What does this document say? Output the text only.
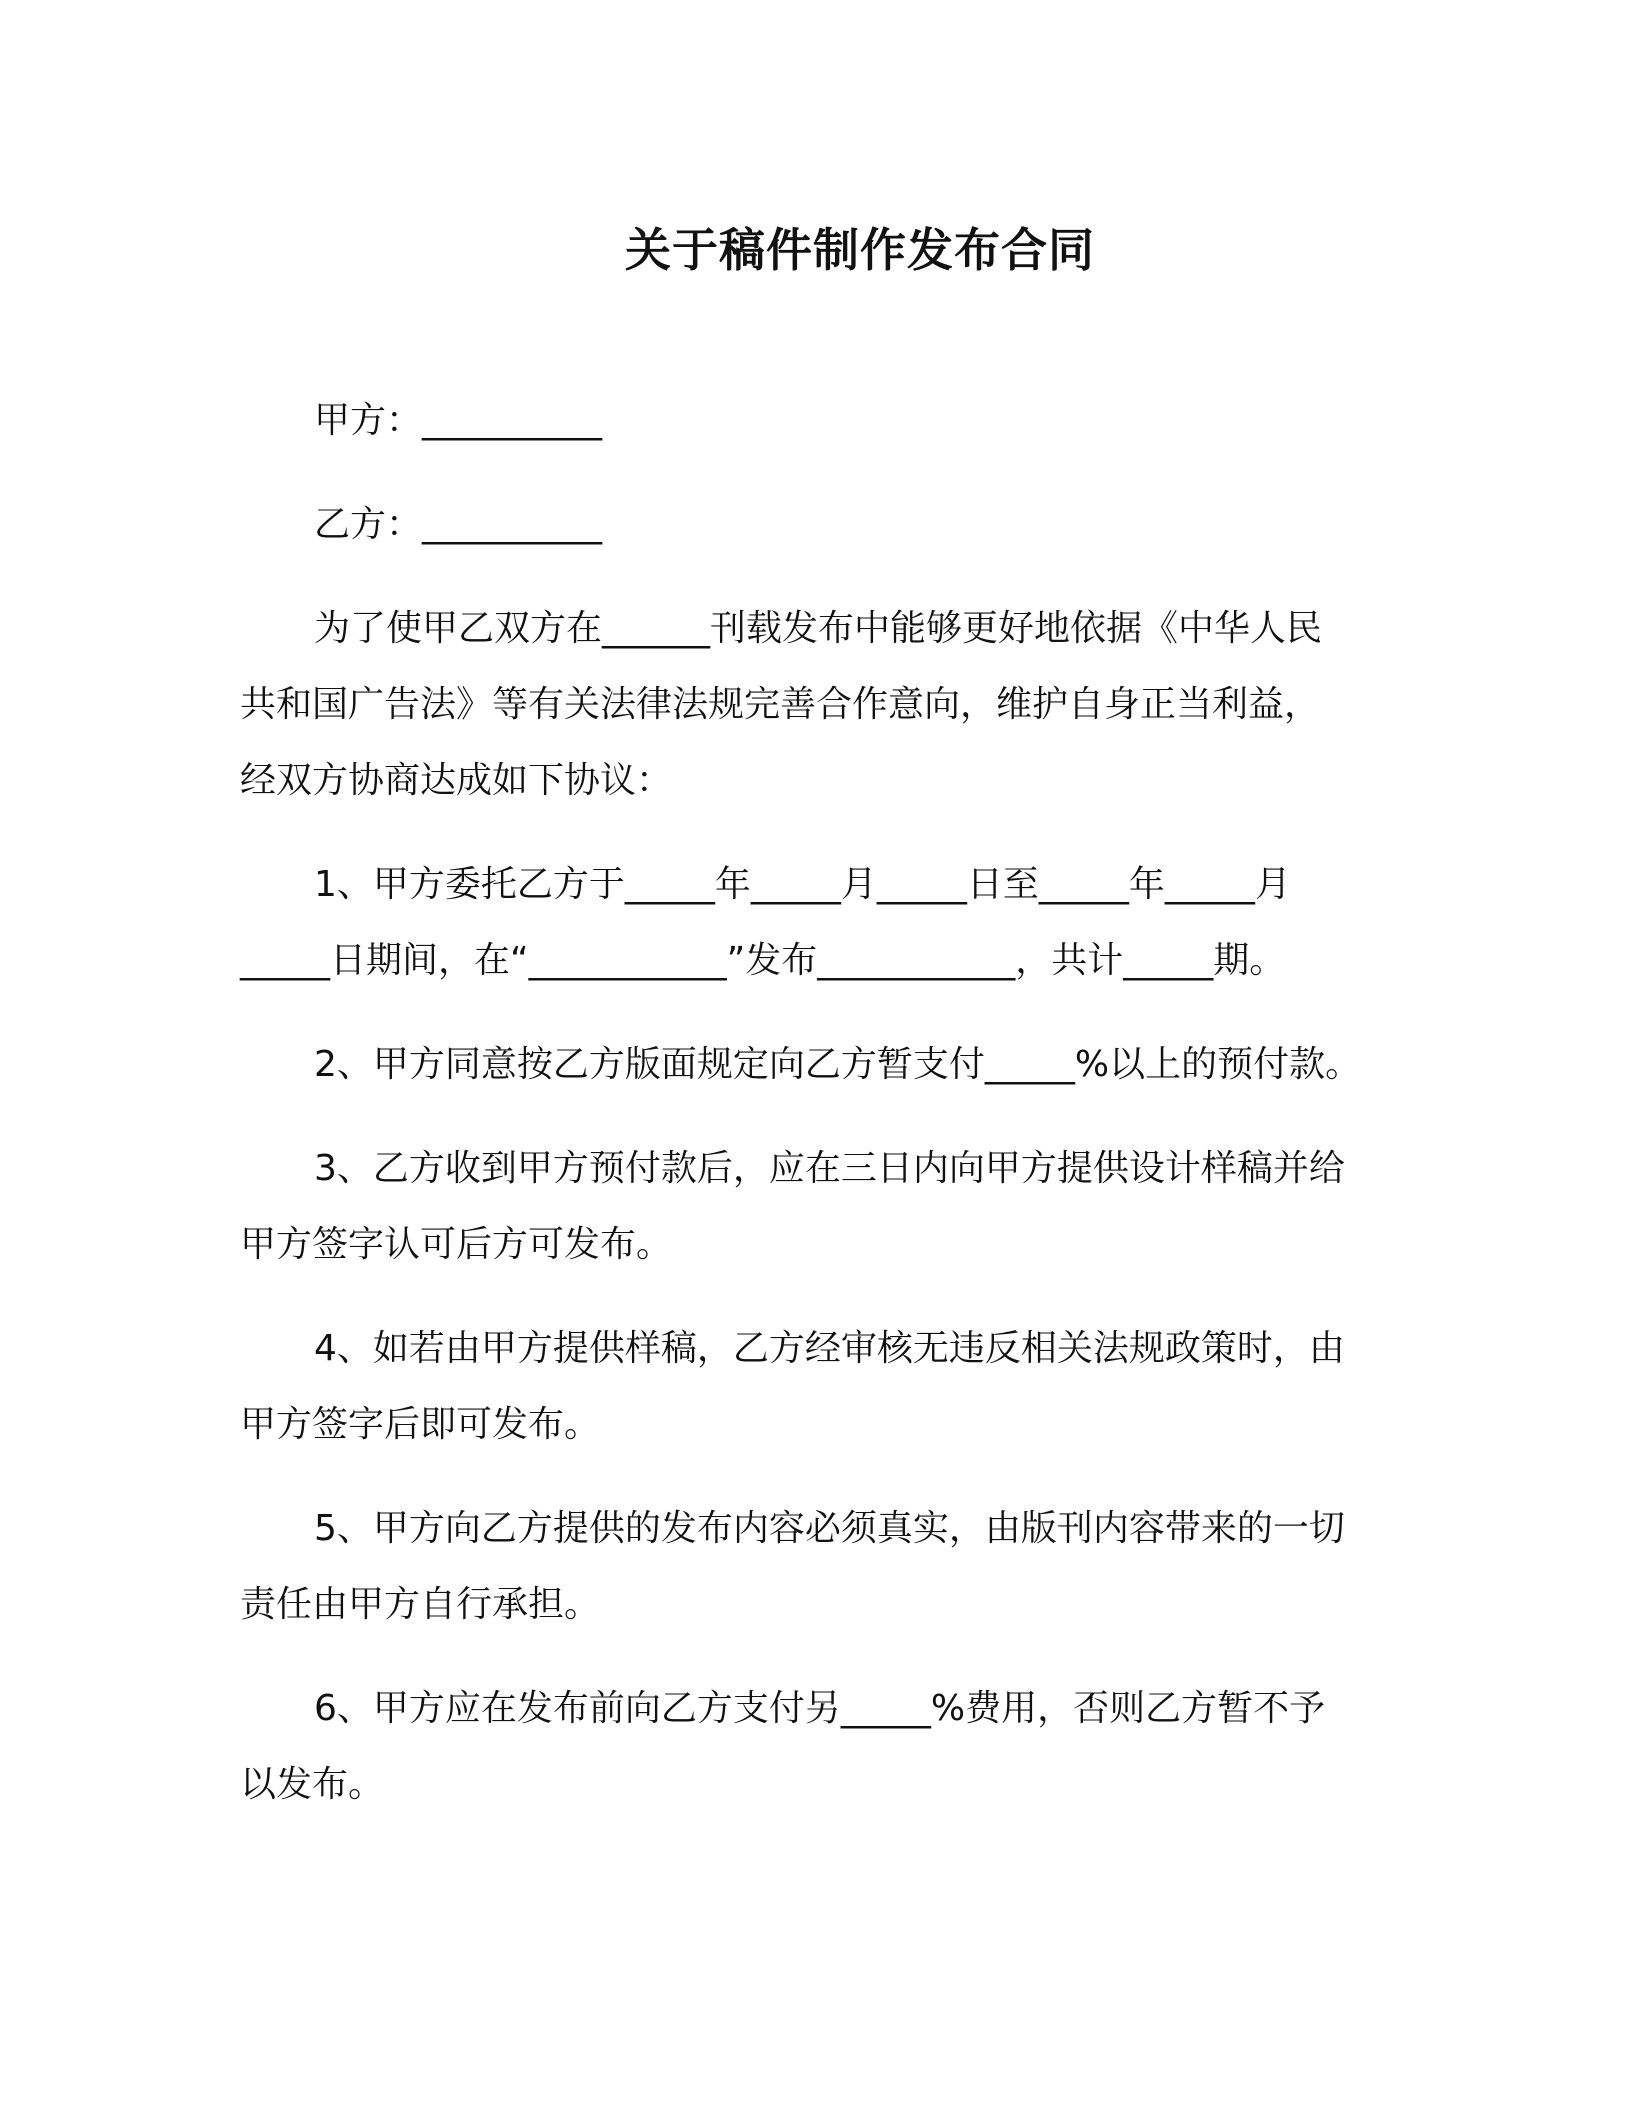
关于稿件制作发布合同

甲方：__________

乙方：__________

为了使甲乙双方在______刊载发布中能够更好地依据《中华人民

共和国广告法》等有关法律法规完善合作意向，维护自身正当利益，

经双方协商达成如下协议：

1、甲方委托乙方于_____年_____月_____日至_____年_____月

_____日期间，在“___________”发布___________，共计_____期。

2、甲方同意按乙方版面规定向乙方暂支付_____%以上的预付款。

3、乙方收到甲方预付款后，应在三日内向甲方提供设计样稿并给

甲方签字认可后方可发布。

4、如若由甲方提供样稿，乙方经审核无违反相关法规政策时，由

甲方签字后即可发布。

5、甲方向乙方提供的发布内容必须真实，由版刊内容带来的一切

责任由甲方自行承担。

6、甲方应在发布前向乙方支付另_____%费用，否则乙方暂不予

以发布。
